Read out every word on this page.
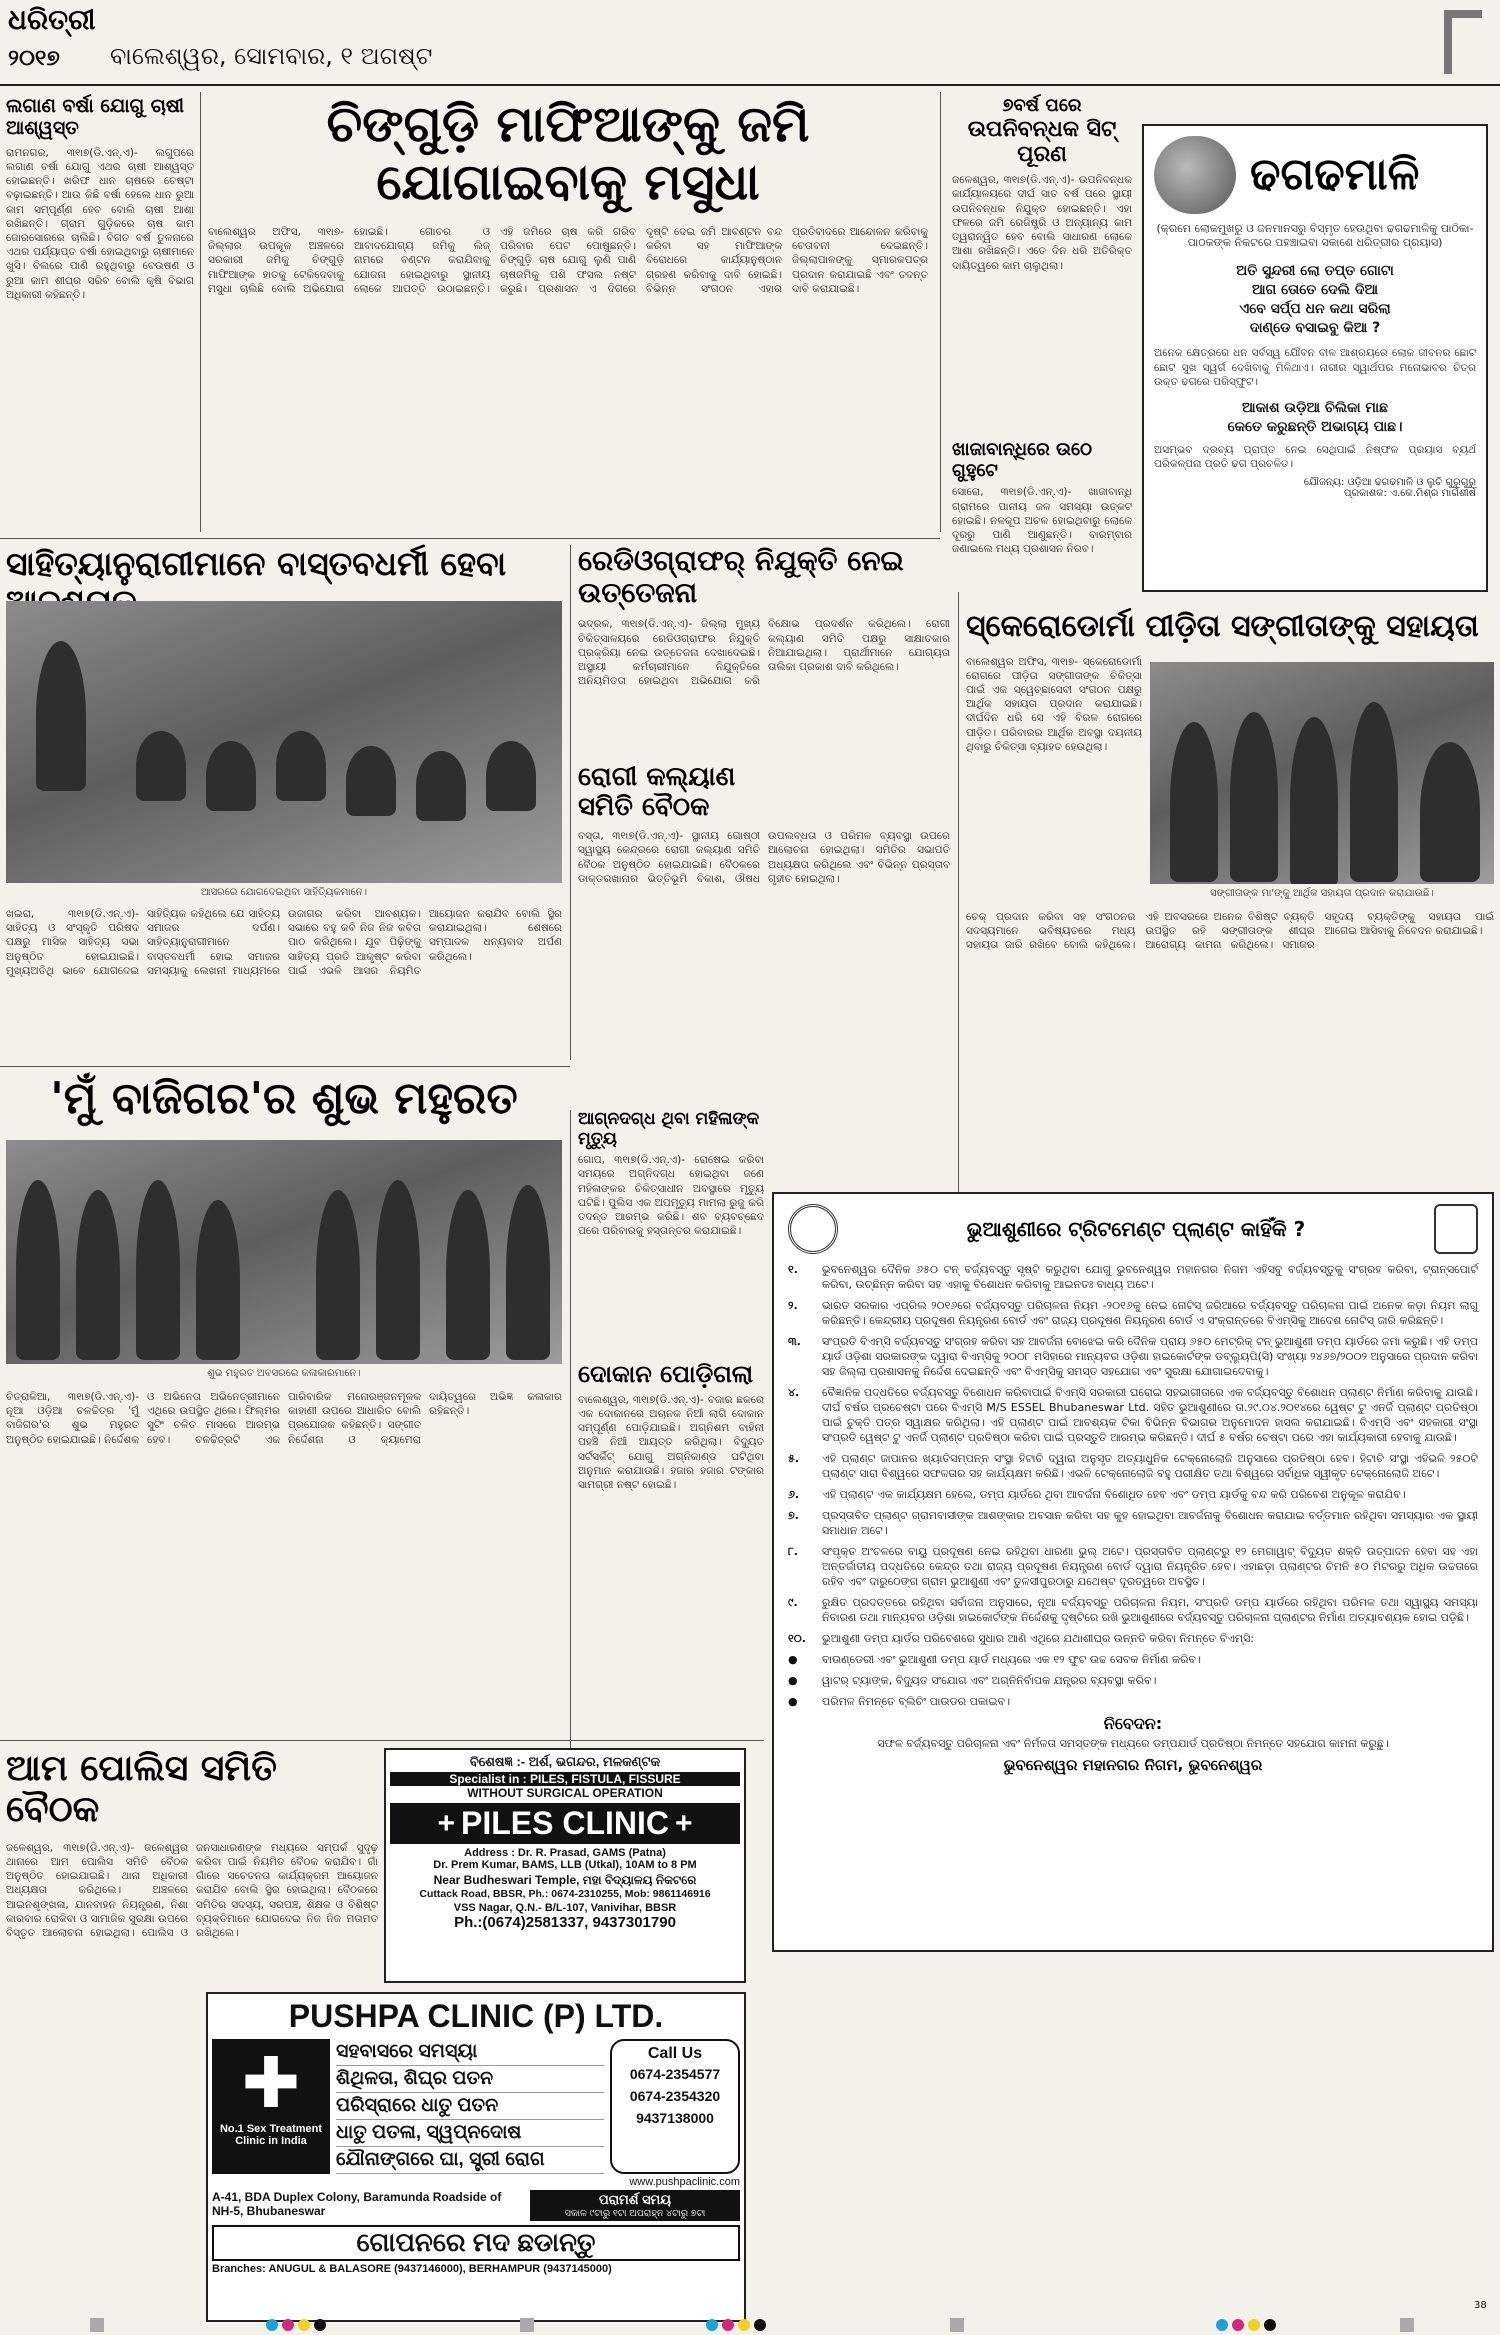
ଧରିତ୍ରୀ
୨୦୧୭ ବାଲେଶ୍ୱର, ସୋମବାର, ୧ ଅଗଷ୍ଟ
ଲଗାଣ ବର୍ଷା ଯୋଗୁ ଚାଷୀ ଆଶ୍ୱସ୍ତ
ରାମନଗର, ୩୧ା୭(ଡି.ଏନ୍.ଏ)- ଲଗୁପରେ ଲଗାଣ ବର୍ଷା ଯୋଗୁ ଏଥର ଚାଷୀ ଆଶ୍ୱସ୍ତ ହୋଇଛନ୍ତି। ଖରିଫ ଧାନ ଚାଷରେ ଚେଷ୍ଟା ବଢ଼ାଇଛନ୍ତି। ଆଉ କିଛି ବର୍ଷା ହେଲେ ଧାନ ରୁଆ କାମ ସମ୍ପୂର୍ଣ୍ଣ ହେବ ବୋଲି ଚାଷୀ ଆଶା ରଖିଛନ୍ତି। ଗ୍ରାମ ଗୁଡ଼ିକରେ ଚାଷ କାମ ଜୋରସୋରରେ ଚାଲିଛି। ବିଗତ ବର୍ଷ ତୁଳନାରେ ଏଥର ପର୍ଯ୍ୟାପ୍ତ ବର୍ଷା ହୋଇଥିବାରୁ ଚାଷୀମାନେ ଖୁସି। ବିଲରେ ପାଣି ରହୁଥିବାରୁ ବେଉଷଣ ଓ ରୁଆ କାମ ଶୀଘ୍ର ସରିବ ବୋଲି କୃଷି ବିଭାଗ ଅଧିକାରୀ କହିଛନ୍ତି।
ଚିଙ୍ଗୁଡ଼ି ମାଫିଆଙ୍କୁ ଜମି ଯୋଗାଇବାକୁ ମସୁଧା
ବାଲେଶ୍ୱର ଅଫିସ, ୩୧ା୭- ଜିଲ୍ଲାର ଉପକୂଳ ଅଞ୍ଚଳରେ ସରକାରୀ ଜମିକୁ ଚିଙ୍ଗୁଡ଼ି ମାଫିଆଙ୍କ ହାତକୁ ଟେକିଦେବାକୁ ମସୁଧା ଚାଲିଛି ବୋଲି ଅଭିଯୋଗ ହୋଇଛି। ଗୋଚର ଓ ଆବାଦଯୋଗ୍ୟ ଜମିକୁ ଲିଜ୍ ନାମରେ ବଣ୍ଟନ କରାଯିବାକୁ ଯୋଜନା ହୋଇଥିବାରୁ ସ୍ଥାନୀୟ ଲୋକେ ଆପତ୍ତି ଉଠାଇଛନ୍ତି। ଏହି ଜମିରେ ଚାଷ କରି ଗରିବ ପରିବାର ପେଟ ପୋଷୁଛନ୍ତି। ଚିଙ୍ଗୁଡ଼ି ଚାଷ ଯୋଗୁ ଲୁଣି ପାଣି ଚାଷଜମିକୁ ପଶି ଫସଲ ନଷ୍ଟ କରୁଛି। ପ୍ରଶାସନ ଏ ଦିଗରେ ଦୃଷ୍ଟି ଦେଇ ଜମି ଆବଣ୍ଟନ ବନ୍ଦ କରିବା ସହ ମାଫିଆଙ୍କ ବିରୋଧରେ କାର୍ଯ୍ୟାନୁଷ୍ଠାନ ଗ୍ରହଣ କରିବାକୁ ଦାବି ହୋଇଛି। ବିଭିନ୍ନ ସଂଗଠନ ଏହାର ପ୍ରତିବାଦରେ ଆନ୍ଦୋଳନ କରିବାକୁ ଚେତାବନୀ ଦେଇଛନ୍ତି। ଜିଲ୍ଲାପାଳଙ୍କୁ ସ୍ମାରକପତ୍ର ପ୍ରଦାନ କରାଯାଇଛି ଏବଂ ତଦନ୍ତ ଦାବି କରାଯାଇଛି।
୭ବର୍ଷ ପରେ
ଉପନିବନ୍ଧକ ସିଟ୍ ପୂରଣ
ଜଳେଶ୍ୱର, ୩୧ା୭(ଡି.ଏନ୍.ଏ)- ଉପନିବନ୍ଧକ କାର୍ଯ୍ୟାଳୟରେ ଦୀର୍ଘ ସାତ ବର୍ଷ ପରେ ସ୍ଥାୟୀ ଉପନିବନ୍ଧକ ନିଯୁକ୍ତ ହୋଇଛନ୍ତି। ଏହା ଫଳରେ ଜମି ରେଜିଷ୍ଟ୍ରି ଓ ଅନ୍ୟାନ୍ୟ କାମ ତ୍ୱରାନ୍ୱିତ ହେବ ବୋଲି ସାଧାରଣ ଲୋକେ ଆଶା ରଖିଛନ୍ତି। ଏତେ ଦିନ ଧରି ଅତିରିକ୍ତ ଦାୟିତ୍ୱରେ କାମ ଚାଲୁଥିଲା।
ଖାଜାବାନ୍ଧିରେ ଉଠେ ଗୁହୁଟେ
ସୋରୋ, ୩୧ା୭(ଡି.ଏନ୍.ଏ)- ଖାଜାବାନ୍ଧି ଗ୍ରାମରେ ପାନୀୟ ଜଳ ସମସ୍ୟା ଉତ୍କଟ ହୋଇଛି। ନଳକୂପ ଅଚଳ ହୋଇଥିବାରୁ ଲୋକେ ଦୂରରୁ ପାଣି ଆଣୁଛନ୍ତି। ବାରମ୍ବାର ଜଣାଇଲେ ମଧ୍ୟ ପ୍ରଶାସନ ନିରବ।
ଢଗଢମାଳି
(କ୍ରମେ ଲୋକମୁଖରୁ ଓ ଜନମାନସରୁ ବିସ୍ମୃତ ହେଉଥିବା ଢଗଢମାଳିକୁ ପାଠିକା-ପାଠକଙ୍କ ନିକଟରେ ପହଞ୍ଚାଇବା ସକାଶେ ଧରିତ୍ରୀର ପ୍ରୟାସ)
ଅତି ସୁନ୍ଦରୀ ଲୋ ତପ୍ତ ଗୋଟା
ଆଗ ତୋତେ ଦେଲି ଦିଆ
ଏବେ ସର୍ପ୍ପ ଧନ କଥା ସରିଲା
ଦାଣ୍ଡେ ବସାଇବୁ କିଆ ?
ଅନେକ କ୍ଷେତ୍ରରେ ଧନ ସର୍ବସ୍ୱ ଯୌବନ ବୀଳ ଆଶ୍ରୟରେ ଲୋକ ଜୀବନର ଛୋଟ ଛୋଟ ସୁଖ ସ୍ୱର୍ଗ ଦେଖିବାକୁ ମିଳିଥାଏ। ନାରୀର ସ୍ୱାର୍ଥପର ମନୋଭାବର ଚିତ୍ର ଉକ୍ତ ଢଗରେ ପରିସ୍ଫୁଟ।
ଆକାଶ ଉଡ଼ିଆ ଚିଲିକା ମାଛ
କେତେ କରୁଛନ୍ତି ଅଭାଗ୍ୟ ପାଛ।
ଅସମ୍ଭବ ଦ୍ରବ୍ୟ ପ୍ରାପ୍ତ ନେଇ ସେଥିପାଇଁ ନିଷ୍ଫଳ ପ୍ରୟାସ ବ୍ୟର୍ଥ ପରିକଳ୍ପନା ପ୍ରତି ଢଗ ପ୍ରଚଳିତ।
ଯୌଜନ୍ୟ: ଓଡ଼ିଆ ଢଗଢମାଳି ଓ ଲୁଚି ଗୁରୁଗୁରୁ
ପ୍ରକାଶକ: ଏ.କେ.ମିଶ୍ର ମାର୍ଗଶୀର୍ଷ
ସାହିତ୍ୟାନୁରାଗୀମାନେ ବାସ୍ତବଧର୍ମୀ ହେବା
ଆସରରେ ଯୋଗଦେଇଥିବା ସାହିତ୍ୟିକମାନେ।
ଖଇରା, ୩୧ା୭(ଡି.ଏନ୍.ଏ)- ସାହିତ୍ୟ ଓ ସଂସ୍କୃତି ପରିଷଦ ପକ୍ଷରୁ ମାସିକ ସାହିତ୍ୟ ସଭା ଅନୁଷ୍ଠିତ ହୋଇଯାଇଛି। ମୁଖ୍ୟଅତିଥି ଭାବେ ଯୋଗଦେଇ ସାହିତ୍ୟିକ କହିଥିଲେ ଯେ ସାହିତ୍ୟ ସମାଜର ଦର୍ପଣ। ସାହିତ୍ୟାନୁରାଗୀମାନେ ବାସ୍ତବଧର୍ମୀ ହୋଇ ସମାଜର ସମସ୍ୟାକୁ ଲେଖନୀ ମାଧ୍ୟମରେ ଉଜାଗର କରିବା ଆବଶ୍ୟକ। ସଭାରେ ବହୁ କବି ନିଜ ନିଜ କବିତା ପାଠ କରିଥିଲେ। ଯୁବ ପିଢ଼ିଙ୍କୁ ସାହିତ୍ୟ ପ୍ରତି ଆକୃଷ୍ଟ କରିବା ପାଇଁ ଏଭଳି ଆସର ନିୟମିତ ଆୟୋଜନ କରାଯିବ ବୋଲି ସ୍ଥିର କରାଯାଇଥିଲା। ଶେଷରେ ସମ୍ପାଦକ ଧନ୍ୟବାଦ ଅର୍ପଣ କରିଥିଲେ।
ରେଡିଓଗ୍ରାଫର୍ ନିଯୁକ୍ତି ନେଇ ଉତ୍ତେଜନା
ଭଦ୍ରକ, ୩୧ା୭(ଡି.ଏନ୍.ଏ)- ଜିଲ୍ଲା ମୁଖ୍ୟ ଚିକିତ୍ସାଳୟରେ ରେଡିଓଗ୍ରାଫର ନିଯୁକ୍ତି ପ୍ରକ୍ରିୟା ନେଇ ଉତ୍ତେଜନା ଦେଖାଦେଇଛି। ଅସ୍ଥାୟୀ କର୍ମଚାରୀମାନେ ନିଯୁକ୍ତିରେ ଅନିୟମିତତା ହୋଇଥିବା ଅଭିଯୋଗ କରି ବିକ୍ଷୋଭ ପ୍ରଦର୍ଶନ କରିଥିଲେ। ରୋଗୀ କଲ୍ୟାଣ ସମିତି ପକ୍ଷରୁ ସାକ୍ଷାତକାର ନିଆଯାଇଥିଲା। ପ୍ରାର୍ଥୀମାନେ ଯୋଗ୍ୟତା ତାଲିକା ପ୍ରକାଶ ଦାବି କରିଥିଲେ।
ରୋଗୀ କଲ୍ୟାଣ ସମିତି ବୈଠକ
ବସ୍ତା, ୩୧ା୭(ଡି.ଏନ୍.ଏ)- ସ୍ଥାନୀୟ ଗୋଷ୍ଠୀ ସ୍ୱାସ୍ଥ୍ୟ କେନ୍ଦ୍ରରେ ରୋଗୀ କଲ୍ୟାଣ ସମିତି ବୈଠକ ଅନୁଷ୍ଠିତ ହୋଇଯାଇଛି। ବୈଠକରେ ଡାକ୍ତରଖାନାର ଭିତ୍ତିଭୂମି ବିକାଶ, ଔଷଧ ଉପଲବ୍ଧତା ଓ ପରିମଳ ବ୍ୟବସ୍ଥା ଉପରେ ଆଲୋଚନା ହୋଇଥିଲା। ସମିତିର ସଭାପତି ଅଧ୍ୟକ୍ଷତା କରିଥିଲେ ଏବଂ ବିଭିନ୍ନ ପ୍ରସ୍ତାବ ଗୃହୀତ ହୋଇଥିଲା।
ସ୍କେରୋଡୋର୍ମା ପୀଡ଼ିତା ସଙ୍ଗୀତାଙ୍କୁ ସହାୟତା
ବାଲେଶ୍ୱର ଅଫିସ, ୩୧ା୭- ସ୍କେରୋଡୋର୍ମା ରୋଗରେ ପୀଡ଼ିତା ସଙ୍ଗୀତାଙ୍କ ଚିକିତ୍ସା ପାଇଁ ଏକ ସ୍ୱେଚ୍ଛାସେବୀ ସଂଗଠନ ପକ୍ଷରୁ ଆର୍ଥିକ ସହାୟତା ପ୍ରଦାନ କରାଯାଇଛି। ଦୀର୍ଘଦିନ ଧରି ସେ ଏହି ବିରଳ ରୋଗରେ ପୀଡ଼ିତ। ପରିବାରର ଆର୍ଥିକ ଅବସ୍ଥା ଦୟନୀୟ ଥିବାରୁ ଚିକିତ୍ସା ବ୍ୟାହତ ହେଉଥିଲା।
ସଙ୍ଗୀତାଙ୍କ ମା'ଙ୍କୁ ଆର୍ଥିକ ସହାୟତା ପ୍ରଦାନ କରାଯାଉଛି।
ଚେକ୍ ପ୍ରଦାନ କରିବା ସହ ସଂଗଠନର ସଦସ୍ୟମାନେ ଭବିଷ୍ୟତରେ ମଧ୍ୟ ସହାୟତା ଜାରି ରଖିବେ ବୋଲି କହିଥିଲେ। ଏହି ଅବସରରେ ଅନେକ ବିଶିଷ୍ଟ ବ୍ୟକ୍ତି ଉପସ୍ଥିତ ରହି ସଙ୍ଗୀତାଙ୍କ ଶୀଘ୍ର ଆରୋଗ୍ୟ କାମନା କରିଥିଲେ। ସମାଜର ସହୃଦୟ ବ୍ୟକ୍ତିଙ୍କୁ ସହାୟତା ପାଇଁ ଆଗେଇ ଆସିବାକୁ ନିବେଦନ କରାଯାଇଛି।
'ମୁଁ ବାଜିଗର'ର ଶୁଭ ମହୁରତ
ଶୁଭ ମହୁରତ ଅବସରରେ କଳାକାରମାନେ।
ଚିତ୍ରାଳିଆ, ୩୧ା୭(ଡି.ଏନ୍.ଏ)- ନୂଆ ଓଡ଼ିଆ ଚଳଚ୍ଚିତ୍ର 'ମୁଁ ବାଜିଗର'ର ଶୁଭ ମହୁରତ ଅନୁଷ୍ଠିତ ହୋଇଯାଇଛି। ନିର୍ଦ୍ଦେଶକ ଓ ଅଭିନେତା ଅଭିନେତ୍ରୀମାନେ ଏଥିରେ ଉପସ୍ଥିତ ଥିଲେ। ଫିଲ୍ମର ସୁଟିଂ ଚଳିତ ମାସରେ ଆରମ୍ଭ ହେବ। ଚଳଚ୍ଚିତ୍ରଟି ଏକ ପାରିବାରିକ ମନୋରଞ୍ଜନମୂଳକ କାହାଣୀ ଉପରେ ଆଧାରିତ ବୋଲି ପ୍ରଯୋଜକ କହିଛନ୍ତି। ସଙ୍ଗୀତ ନିର୍ଦ୍ଦେଶନା ଓ କ୍ୟାମେରା ଦାୟିତ୍ୱରେ ଅଭିଜ୍ଞ କଳାକାର ରହିଛନ୍ତି।
ଆଗ୍ନଦଗ୍ଧ ଥିବା ମହିଳାଙ୍କ ମୃତ୍ୟୁ
ଗୋପ, ୩୧ା୭(ଡି.ଏନ୍.ଏ)- ରୋଷେଇ କରିବା ସମୟରେ ଅଗ୍ନିଦଗ୍ଧ ହୋଇଥିବା ଜଣେ ମହିଳାଙ୍କର ଚିକିତ୍ସାଧୀନ ଅବସ୍ଥାରେ ମୃତ୍ୟୁ ଘଟିଛି। ପୁଲିସ ଏକ ଅପମୃତ୍ୟୁ ମାମଲା ରୁଜୁ କରି ତଦନ୍ତ ଆରମ୍ଭ କରିଛି। ଶବ ବ୍ୟବଚ୍ଛେଦ ପରେ ପରିବାରକୁ ହସ୍ତାନ୍ତର କରାଯାଇଛି।
ଦୋକାନ ପୋଡ଼ିଗଲା
ବାଲେଶ୍ୱର, ୩୧ା୭(ଡି.ଏନ୍.ଏ)- ବଜାର ଛକରେ ଏକ ଦୋକାନରେ ଅଚାନକ ନିଆଁ ଲାଗି ଦୋକାନ ସମ୍ପୂର୍ଣ୍ଣ ପୋଡ଼ିଯାଇଛି। ଅଗ୍ନିଶମ ବାହିନୀ ପହଞ୍ଚି ନିଆଁ ଆୟତ୍ତ କରିଥିଲା। ବିଦ୍ୟୁତ ସର୍ଟସର୍କିଟ୍ ଯୋଗୁ ଅଗ୍ନିକାଣ୍ଡ ଘଟିଥିବା ଅନୁମାନ କରାଯାଉଛି। ହଜାର ହଜାର ଟଙ୍କାର ସାମଗ୍ରୀ ନଷ୍ଟ ହୋଇଛି।
ଭୁଆଶୁଣୀରେ ଟ୍ରିଟମେଣ୍ଟ ପ୍ଲାଣ୍ଟ କାହିଁକି ?
୧.	ଭୁବନେଶ୍ୱର ଦୈନିକ ୬୫୦ ଟନ୍ ବର୍ଜ୍ୟବସ୍ତୁ ସୃଷ୍ଟି କରୁଥିବା ଯୋଗୁ ଭୁବନେଶ୍ୱର ମହାନଗର ନିଗମ ଏହିସବୁ ବର୍ଜ୍ୟବସ୍ତୁକୁ ସଂଗ୍ରହ କରିବା, ଟ୍ରାନ୍ସପୋର୍ଟ କରିବା, ଉଚ୍ଛିନ୍ନ କରିବା ସହ ଏହାକୁ ବିଶୋଧନ କରିବାକୁ ଆଇନତଃ ବାଧ୍ୟ ଅଟେ।
୨.	ଭାରତ ସରକାର ଏପ୍ରିଲ ୨୦୧୬ରେ ବର୍ଜ୍ୟବସ୍ତୁ ପରିଚାଳନା ନିୟମ -୨୦୧୬କୁ ନେଇ ନୋଟିସ୍ ଜରିଆରେ ବର୍ଜ୍ୟବସ୍ତୁ ପରିଚାଳନା ପାଇଁ ଅନେକ କଡ଼ା ନିୟମ ଲାଗୁ କରିଛନ୍ତି। କେନ୍ଦ୍ରୀୟ ପ୍ରଦୂଷଣ ନିୟନ୍ତ୍ରଣ ବୋର୍ଡ ଏବଂ ରାଜ୍ୟ ପ୍ରଦୂଷଣ ନିୟନ୍ତ୍ରଣ ବୋର୍ଡ ଏ ସଂକ୍ରାନ୍ତରେ ବିଏମ୍‌ସିକୁ ଆଦେଶ ନୋଟିସ୍ ଜାରି କରିଛନ୍ତି।
୩.	ସଂପ୍ରତି ବିଏମ୍‌ସି ବର୍ଜ୍ୟବସ୍ତୁ ସଂଗ୍ରହ କରିବା ସହ ଆବର୍ଜନା ବୋଝେଇ କରି ଦୈନିକ ପ୍ରାୟ ୬୫୦ ମେଟ୍ରିକ୍ ଟନ୍ ଭୁଆଶୁଣୀ ଡମ୍ପ ୟାର୍ଡରେ ଜମା କରୁଛି। ଏହି ଡମ୍ପ ୟାର୍ଡ ଓଡ଼ିଶା ସରକାରଙ୍କ ଦ୍ୱାରା ବିଏମ୍‌ସିକୁ ୨୦୦୮ ମସିହାରେ ମାନ୍ୟବର ଓଡ଼ିଶା ହାଇକୋର୍ଟଙ୍କ ଡବ୍ଲ୍ୟୁପି(ସି) ସଂଖ୍ୟା ୨୪୬୭/୨୦୦୨ ଅନୁସାରେ ପ୍ରଦାନ କରିବା ସହ ଜିଲ୍ଲା ପ୍ରଶାସନକୁ ନିର୍ଦ୍ଦେଶ ଦେଇଛନ୍ତି ଏବଂ ବିଏମ୍‌ସିକୁ ସମସ୍ତ ସହଯୋଗ ଏବଂ ସୁରକ୍ଷା ଯୋଗାଇଦେବାକୁ।
୪.	ବୈଜ୍ଞାନିକ ପଦ୍ଧତିରେ ବର୍ଜ୍ୟବସ୍ତୁ ବିଶୋଧନ କରିବାପାଇଁ ବିଏମ୍‌ସି ସରକାରୀ ଘରୋଇ ସହଭାଗୀତାରେ ଏକ ବର୍ଜ୍ୟବସ୍ତୁ ବିଶୋଧନ ପ୍ଲାଣ୍ଟ ନିର୍ମାଣ କରିବାକୁ ଯାଉଛି। ଦୀର୍ଘ ବର୍ଷର ପ୍ରଚେଷ୍ଟା ପରେ ବିଏମ୍‌ସି M/S ESSEL Bhubaneswar Ltd. ସହିତ ଭୁଆଶୁଣୀରେ ତା.୨୯.୦୪.୨୦୧୪ରେ ୱେଷ୍ଟ ଟୁ ଏନର୍ଜି ପ୍ଲାଣ୍ଟ ପ୍ରତିଷ୍ଠା ପାଇଁ ଚୁକ୍ତି ପତ୍ର ସ୍ୱାକ୍ଷର କରିଥିଲା। ଏହି ପ୍ଲାଣ୍ଟ ପାଇଁ ଆବଶ୍ୟକ ଟିକା ବିଭିନ୍ନ ବିଭାଗର ଅନୁମୋଦନ ହାସଲ କରାଯାଇଛି। ବିଏମ୍‌ସି ଏବଂ ସହକାରୀ ସଂସ୍ଥା ସଂପ୍ରତି ୱେଷ୍ଟ ଟୁ ଏନର୍ଜି ପ୍ଲାଣ୍ଟ ପ୍ରତିଷ୍ଠା କରିବା ପାଇଁ ପ୍ରସ୍ତୁତି ଆରମ୍ଭ କରିଛନ୍ତି। ଦୀର୍ଘ ୫ ବର୍ଷର ଚେଷ୍ଟା ପରେ ଏହା କାର୍ଯ୍ୟକାରୀ ହେବାକୁ ଯାଉଛି।
୫.	ଏହି ପ୍ଲାଣ୍ଟ ଜାପାନର ଖ୍ୟାତିସମ୍ପନ୍ନ ସଂସ୍ଥା ହିଟାଚି ଦ୍ୱାରା ଅନୁସୃତ ଅତ୍ୟାଧୁନିକ ଟେକ୍ନୋଲୋଜି ଅନୁସାରେ ପ୍ରତିଷ୍ଠା ହେବ। ହିଟାଚି ସଂସ୍ଥା ଏହିଭଳି ୨୫୦ଟି ପ୍ଲାଣ୍ଟ ସାରା ବିଶ୍ୱରେ ସଫଳତାର ସହ କାର୍ଯ୍ୟକ୍ଷମ କରିଛି। ଏଭଳି ଟେକ୍ନୋଲୋଜି ବହୁ ପରୀକ୍ଷିତ ତଥା ବିଶ୍ୱରେ ସର୍ବାଧିକ ସ୍ୱୀକୃତ ଟେକ୍ନୋଲୋଜି ଅଟେ।
୬.	ଏହି ପ୍ଲାଣ୍ଟ ଏକ କାର୍ଯ୍ୟକ୍ଷମ ହେଲେ, ଡମ୍ପ ୟାର୍ଡରେ ଥିବା ଆବର୍ଜନା ବିଶୋଧିତ ହେବ ଏବଂ ଡମ୍ପ ୟାର୍ଡକୁ ବନ୍ଦ କରି ପରିବେଶ ଅନୁକୂଳ କରାଯିବ।
୭.	ପ୍ରସ୍ତାବିତ ପ୍ଲାଣ୍ଟ ଗ୍ରାମବାସୀଙ୍କ ଆଶଙ୍କାର ଅବସାନ କରିବା ସହ କୁହ ହୋଇଥିବା ଆବର୍ଜନାକୁ ବିଶୋଧନ କରାଯାଇ ବର୍ତ୍ତମାନ ରହିଥିବା ସମସ୍ୟାର ଏକ ସ୍ଥାୟୀ ସମାଧାନ ଅଟେ।
୮.	ସଂପୃକ୍ତ ଅଂଚଳରେ ବାୟୁ ପ୍ରଦୂଷଣ ନେଇ ରହିଥିବା ଧାରଣା ଭୁଲ୍ ଅଟେ। ପ୍ରସ୍ତାବିତ ପ୍ଲାଣ୍ଟରୁ ୧୨ ମେଗାୱାଟ୍ ବିଦ୍ୟୁତ ଶକ୍ତି ଉତ୍ପାଦନ ହେବା ସହ ଏହା ଅନ୍ତର୍ଜାତୀୟ ପଦ୍ଧତିରେ କେନ୍ଦ୍ର ତଥା ରାଜ୍ୟ ପ୍ରଦୂଷଣ ନିୟନ୍ତ୍ରଣ ବୋର୍ଡ ଦ୍ୱାରା ନିୟନ୍ତ୍ରିତ ହେବ। ଏହାଛଡ଼ା ପ୍ଲାଣ୍ଟର ଚିମନି ୫୦ ମିଟରରୁ ଅଧିକ ଉଚ୍ଚତାରେ ରହିବ ଏବଂ ଦାରୁଠେଙ୍ଗ ଗ୍ରାମ ଭୁଆଶୁଣୀ ଏବଂ ତୁଳସୀପୁରଠାରୁ ଯଥେଷ୍ଟ ଦୂରତ୍ୱରେ ଅବସ୍ଥିତ।
୯.	ରୁକ୍ଷିତ ପ୍ରଦତ୍ତରେ ରହିଥିବା ସର୍ବାଜନା ଅନୁସାରେ, ନୂଆ ବର୍ଜ୍ୟବସ୍ତୁ ପରିଚାଳନା ନିୟମ, ସଂପ୍ରତି ଡମ୍ପ ୟାର୍ଡରେ ରହିଥିବା ପରିମଳ ତଥା ସ୍ୱାସ୍ଥ୍ୟ ସମସ୍ୟା ନିବାରଣ ତଥା ମାନ୍ୟବର ଓଡ଼ିଶା ହାଇକୋର୍ଟଙ୍କ ନିର୍ଦ୍ଦେଶକୁ ଦୃଷ୍ଟିରେ ରଖି ଭୁଆଶୁଣୀରେ ବର୍ଜ୍ୟବସ୍ତୁ ପରିଚାଳନା ପ୍ଲାଣ୍ଟର ନିର୍ମାଣ ଅତ୍ୟାବଶ୍ୟକ ହୋଇ ପଡ଼ିଛି।
୧୦.	ଭୁଆଶୁଣୀ ଡମ୍ପ ୟାର୍ଡର ପରିବେଶରେ ସୁଧାର ଆଣି ଏଥିରେ ଯଥାଶୀଘ୍ର ଉନ୍ନତି କରିବା ନିମନ୍ତେ ବିଏମ୍‌ସି:
●	ବାଉଣ୍ଡେରୀ ଏବଂ ଭୁଆଶୁଣୀ ଡମ୍ପ ୟାର୍ଡ ମଧ୍ୟରେ ଏକ ୧୨ ଫୁଟ ଉଚ୍ଚ ସେବକ ନିର୍ମାଣ କରିବ।
●	ୱାଟର୍ ଟ୍ୟାଙ୍କ, ବିଦ୍ୟୁତ ସଂଯୋଗ ଏବଂ ଅଗ୍ନିନିର୍ବାପକ ଯନ୍ତ୍ରର ବ୍ୟବସ୍ଥା କରିବ।
●	ପରିମଳ ନିମନ୍ତେ ବ୍ଲିଚିଂ ପାଉଡର ପକାଇବ।
ନିବେଦନ:
ସଫଳ ବର୍ଜ୍ୟବସ୍ତୁ ପରିଚାଳନା ଏବଂ ନିର୍ମଳତା ସମସ୍ତଙ୍କ ମଧ୍ୟରେ ଡମ୍ପଯାର୍ଡ ପ୍ରତିଷ୍ଠା ନିମନ୍ତେ ସହଯୋଗ କାମନା କରୁଛୁ।
ଭୁବନେଶ୍ୱର ମହାନଗର ନିଗମ, ଭୁବନେଶ୍ୱର
ଆମ ପୋଲିସ ସମିତି ବୈଠକ
ଜଳେଶ୍ୱର, ୩୧ା୭(ଡି.ଏନ୍.ଏ)- ଜଳେଶ୍ୱର ଥାନାରେ ଆମ ପୋଲିସ ସମିତି ବୈଠକ ଅନୁଷ୍ଠିତ ହୋଇଯାଇଛି। ଥାନା ଅଧିକାରୀ ଅଧ୍ୟକ୍ଷତା କରିଥିଲେ। ଅଞ୍ଚଳରେ ଆଇନଶୃଙ୍ଖଳା, ଯାନବାହନ ନିୟନ୍ତ୍ରଣ, ନିଶା କାରବାର ରୋକିବା ଓ ସାମାଜିକ ସୁରକ୍ଷା ଉପରେ ବିସ୍ତୃତ ଆଲୋଚନା ହୋଇଥିଲା। ପୋଲିସ ଓ ଜନସାଧାରଣଙ୍କ ମଧ୍ୟରେ ସମ୍ପର୍କ ସୁଦୃଢ଼ କରିବା ପାଇଁ ନିୟମିତ ବୈଠକ କରାଯିବ। ଗାଁ ଗାଁରେ ସଚେତନତା କାର୍ଯ୍ୟକ୍ରମ ଆୟୋଜନ କରାଯିବ ବୋଲି ସ୍ଥିର ହୋଇଥିଲା। ବୈଠକରେ ସମିତିର ସଦସ୍ୟ, ସରପଞ୍ଚ, ଶିକ୍ଷକ ଓ ବିଶିଷ୍ଟ ବ୍ୟକ୍ତିମାନେ ଯୋଗଦେଇ ନିଜ ନିଜ ମତାମତ ରଖିଥିଲେ।
ବିଶେଷଜ୍ଞ :- ଅର୍ଶ, ଭଗନ୍ଦର, ମଳକଣ୍ଟକ
Specialist in : PILES, FISTULA, FISSURE
WITHOUT SURGICAL OPERATION
+ PILES CLINIC +
Address : Dr. R. Prasad, GAMS (Patna)
Dr. Prem Kumar, BAMS, LLB (Utkal), 10AM to 8 PM
Near Budheswari Temple, ମହା ବିଦ୍ୟାଳୟ ନିକଟରେ
Cuttack Road, BBSR, Ph.: 0674-2310255, Mob: 9861146916
VSS Nagar, Q.N.- B/L-107, Vanivihar, BBSR
Ph.:(0674)2581337, 9437301790
PUSHPA CLINIC (P) LTD.
✚
No.1 Sex Treatment Clinic in India
ସହବାସରେ ସମସ୍ୟା
ଶିଥିଳତା, ଶିଘ୍ର ପତନ
ପରିସ୍ରାରେ ଧାତୁ ପତନ
ଧାତୁ ପତଳା, ସ୍ୱପ୍ନଦୋଷ
ଯୌନାଙ୍ଗରେ ଘା, ସ୍ତ୍ରୀ ରୋଗ
Call Us
0674-2354577
0674-2354320
9437138000
www.pushpaclinic.com
A-41, BDA Duplex Colony, Baramunda Roadside of NH-5, Bhubaneswar
ପରାମର୍ଶ ସମୟ
ସକାଳ ୯ଟାରୁ ୧ଟା ଅପରାହ୍ନ ୪ଟାରୁ ୭ଟା
ଗୋପନରେ ମଦ ଛଡାନ୍ତୁ
Branches: ANUGUL & BALASORE (9437146000), BERHAMPUR (9437145000)
38
